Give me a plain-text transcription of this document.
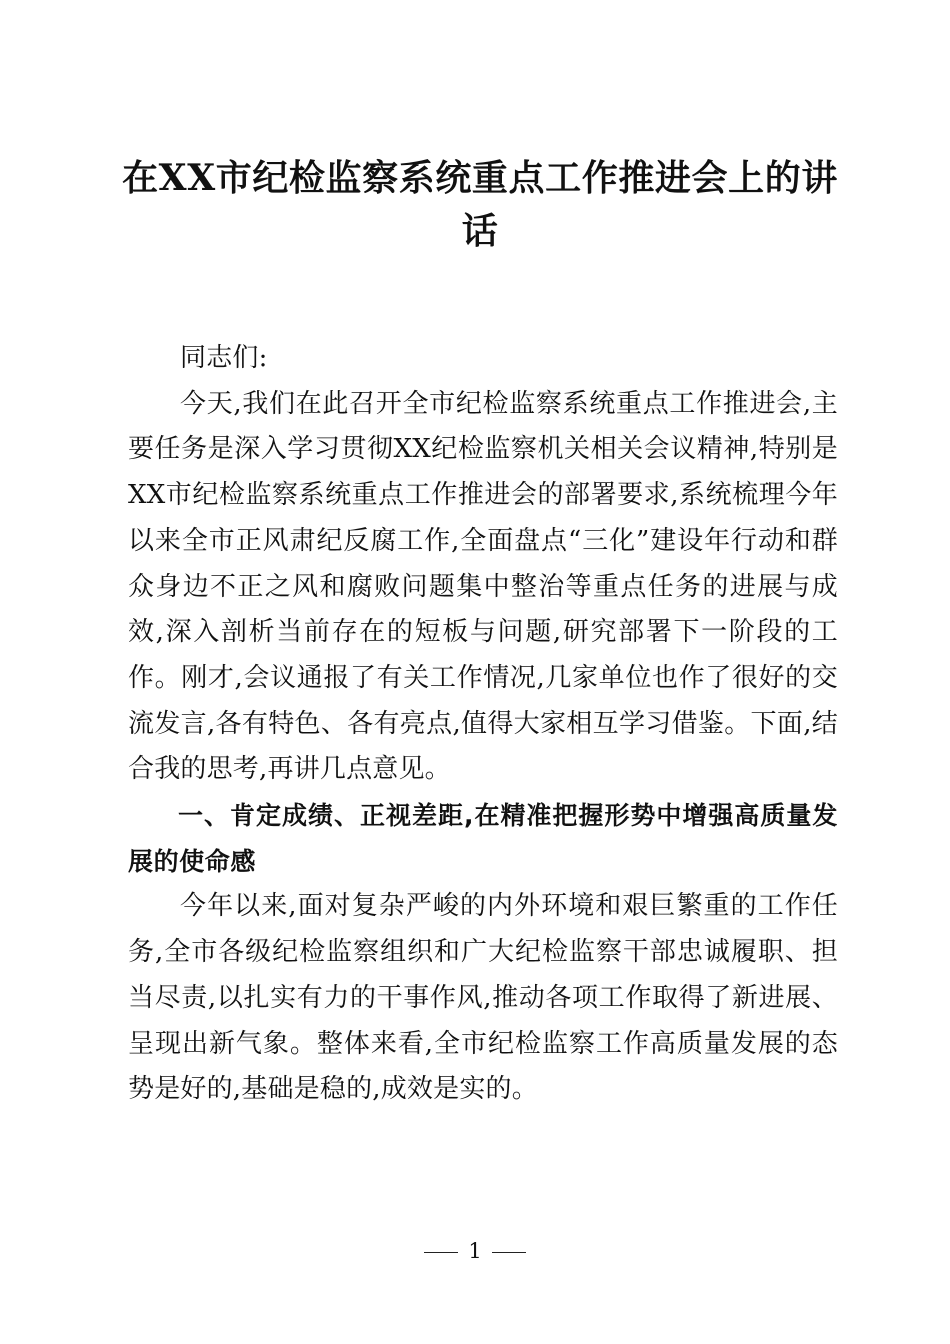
在XX市纪检监察系统重点工作推进会上的讲话

同志们:

今天,我们在此召开全市纪检监察系统重点工作推进会,主要任务是深入学习贯彻XX纪检监察机关相关会议精神,特别是XX市纪检监察系统重点工作推进会的部署要求,系统梳理今年以来全市正风肃纪反腐工作,全面盘点“三化”建设年行动和群众身边不正之风和腐败问题集中整治等重点任务的进展与成效,深入剖析当前存在的短板与问题,研究部署下一阶段的工作。刚才,会议通报了有关工作情况,几家单位也作了很好的交流发言,各有特色、各有亮点,值得大家相互学习借鉴。下面,结合我的思考,再讲几点意见。

一、肯定成绩、正视差距,在精准把握形势中增强高质量发展的使命感

今年以来,面对复杂严峻的内外环境和艰巨繁重的工作任务,全市各级纪检监察组织和广大纪检监察干部忠诚履职、担当尽责,以扎实有力的干事作风,推动各项工作取得了新进展、呈现出新气象。整体来看,全市纪检监察工作高质量发展的态势是好的,基础是稳的,成效是实的。

1
